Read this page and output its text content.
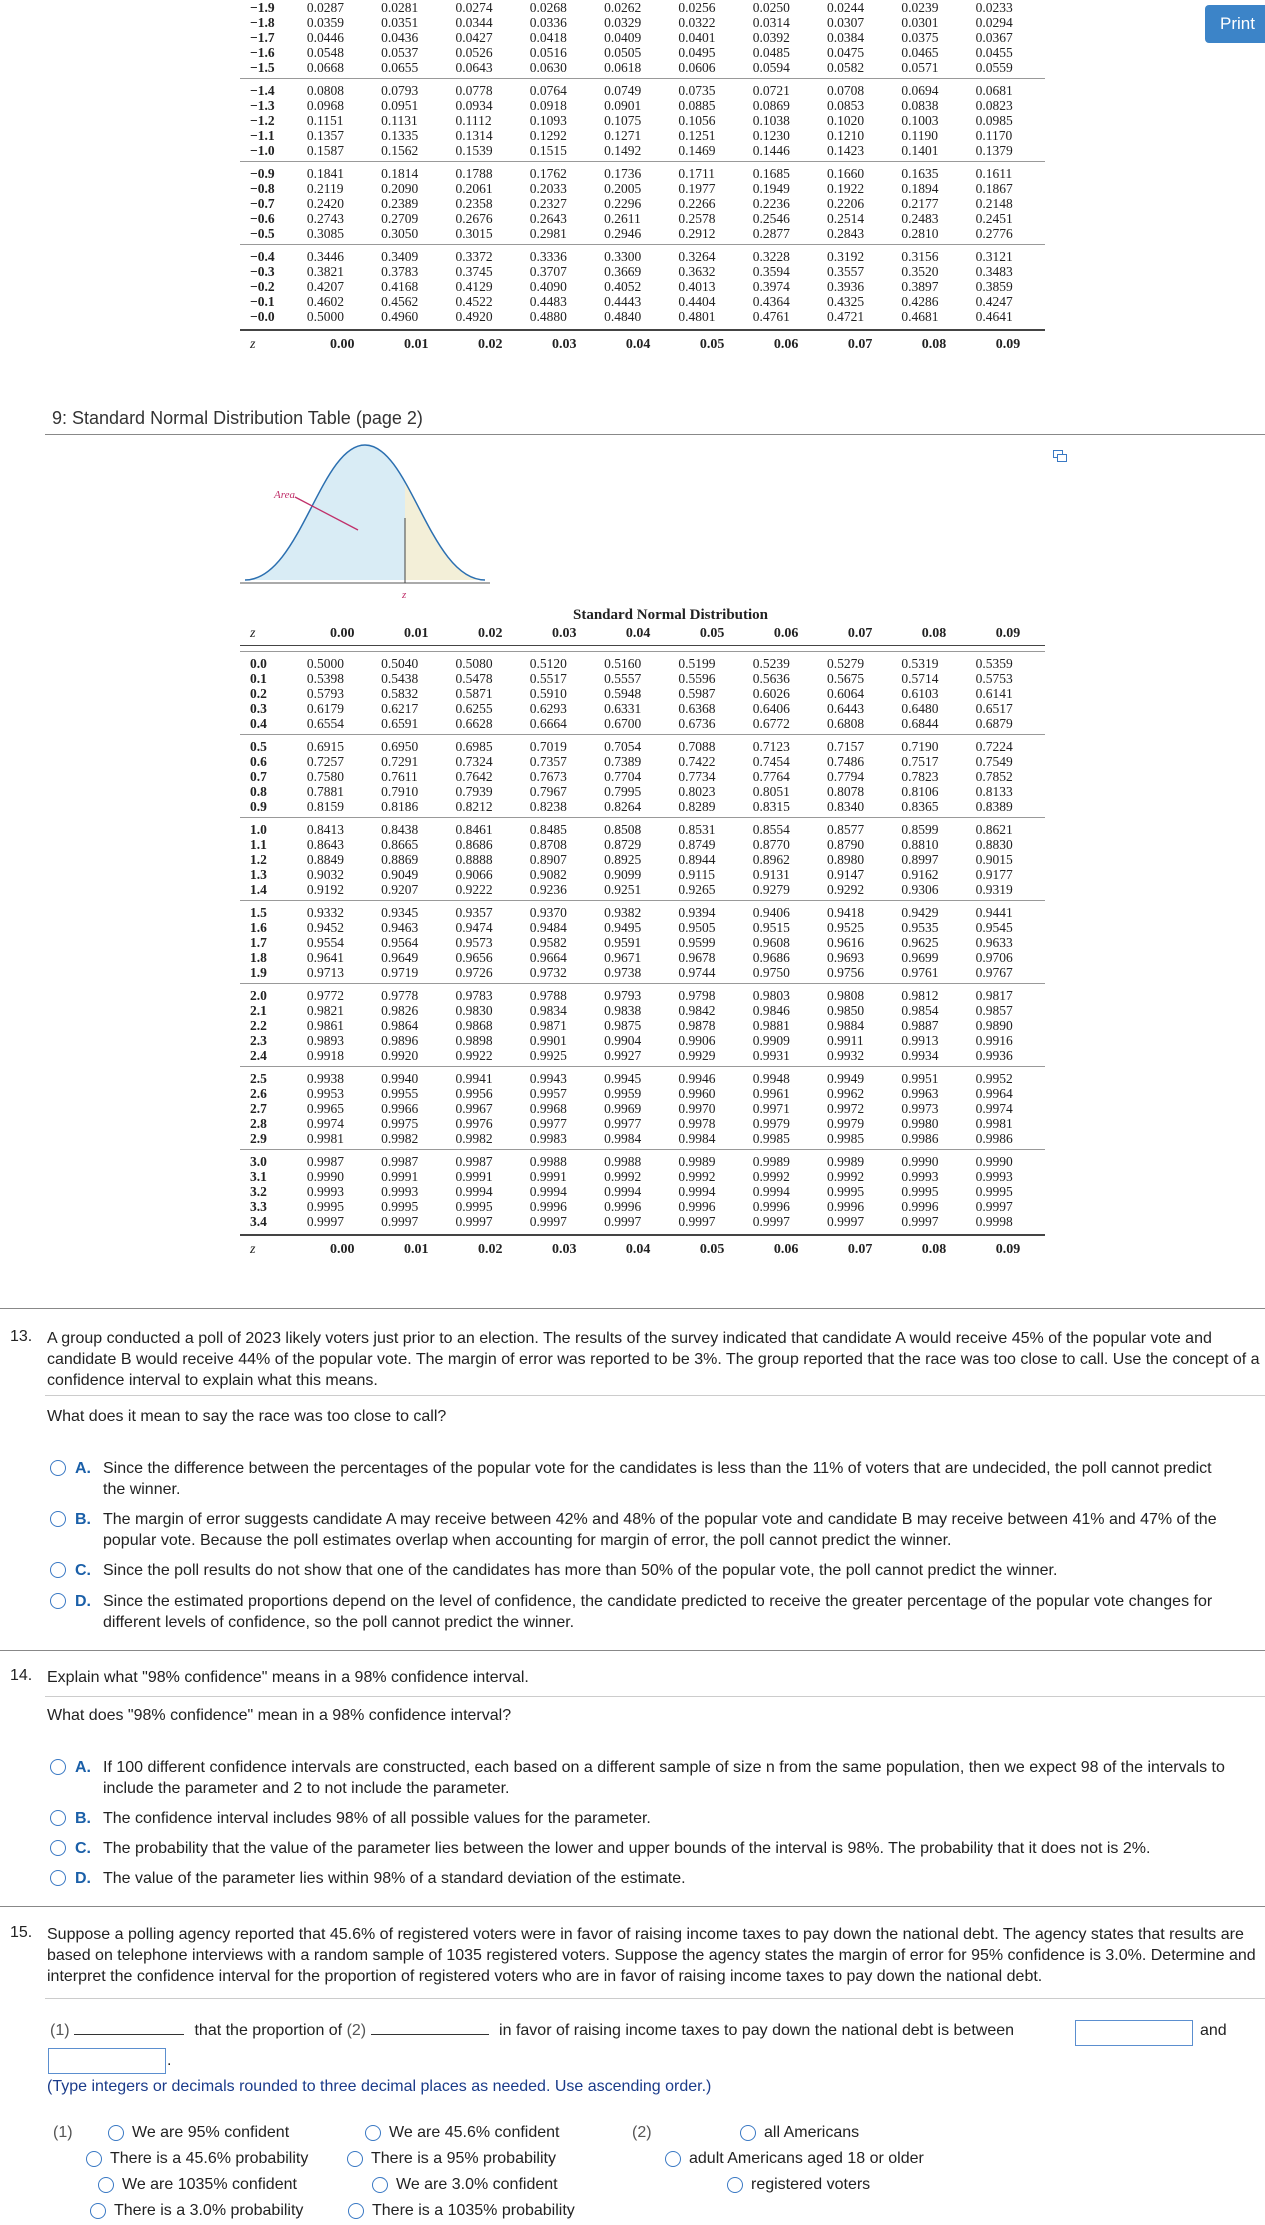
Print
−1.9	0.0287	0.0281	0.0274	0.0268	0.0262	0.0256	0.0250	0.0244	0.0239	0.0233
−1.8	0.0359	0.0351	0.0344	0.0336	0.0329	0.0322	0.0314	0.0307	0.0301	0.0294
−1.7	0.0446	0.0436	0.0427	0.0418	0.0409	0.0401	0.0392	0.0384	0.0375	0.0367
−1.6	0.0548	0.0537	0.0526	0.0516	0.0505	0.0495	0.0485	0.0475	0.0465	0.0455
−1.5	0.0668	0.0655	0.0643	0.0630	0.0618	0.0606	0.0594	0.0582	0.0571	0.0559
−1.4	0.0808	0.0793	0.0778	0.0764	0.0749	0.0735	0.0721	0.0708	0.0694	0.0681
−1.3	0.0968	0.0951	0.0934	0.0918	0.0901	0.0885	0.0869	0.0853	0.0838	0.0823
−1.2	0.1151	0.1131	0.1112	0.1093	0.1075	0.1056	0.1038	0.1020	0.1003	0.0985
−1.1	0.1357	0.1335	0.1314	0.1292	0.1271	0.1251	0.1230	0.1210	0.1190	0.1170
−1.0	0.1587	0.1562	0.1539	0.1515	0.1492	0.1469	0.1446	0.1423	0.1401	0.1379
−0.9	0.1841	0.1814	0.1788	0.1762	0.1736	0.1711	0.1685	0.1660	0.1635	0.1611
−0.8	0.2119	0.2090	0.2061	0.2033	0.2005	0.1977	0.1949	0.1922	0.1894	0.1867
−0.7	0.2420	0.2389	0.2358	0.2327	0.2296	0.2266	0.2236	0.2206	0.2177	0.2148
−0.6	0.2743	0.2709	0.2676	0.2643	0.2611	0.2578	0.2546	0.2514	0.2483	0.2451
−0.5	0.3085	0.3050	0.3015	0.2981	0.2946	0.2912	0.2877	0.2843	0.2810	0.2776
−0.4	0.3446	0.3409	0.3372	0.3336	0.3300	0.3264	0.3228	0.3192	0.3156	0.3121
−0.3	0.3821	0.3783	0.3745	0.3707	0.3669	0.3632	0.3594	0.3557	0.3520	0.3483
−0.2	0.4207	0.4168	0.4129	0.4090	0.4052	0.4013	0.3974	0.3936	0.3897	0.3859
−0.1	0.4602	0.4562	0.4522	0.4483	0.4443	0.4404	0.4364	0.4325	0.4286	0.4247
−0.0	0.5000	0.4960	0.4920	0.4880	0.4840	0.4801	0.4761	0.4721	0.4681	0.4641
z	0.00	0.01	0.02	0.03	0.04	0.05	0.06	0.07	0.08	0.09
9: Standard Normal Distribution Table (page 2)
Area
z
Standard Normal Distribution
z	0.00	0.01	0.02	0.03	0.04	0.05	0.06	0.07	0.08	0.09
0.0	0.5000	0.5040	0.5080	0.5120	0.5160	0.5199	0.5239	0.5279	0.5319	0.5359
0.1	0.5398	0.5438	0.5478	0.5517	0.5557	0.5596	0.5636	0.5675	0.5714	0.5753
0.2	0.5793	0.5832	0.5871	0.5910	0.5948	0.5987	0.6026	0.6064	0.6103	0.6141
0.3	0.6179	0.6217	0.6255	0.6293	0.6331	0.6368	0.6406	0.6443	0.6480	0.6517
0.4	0.6554	0.6591	0.6628	0.6664	0.6700	0.6736	0.6772	0.6808	0.6844	0.6879
0.5	0.6915	0.6950	0.6985	0.7019	0.7054	0.7088	0.7123	0.7157	0.7190	0.7224
0.6	0.7257	0.7291	0.7324	0.7357	0.7389	0.7422	0.7454	0.7486	0.7517	0.7549
0.7	0.7580	0.7611	0.7642	0.7673	0.7704	0.7734	0.7764	0.7794	0.7823	0.7852
0.8	0.7881	0.7910	0.7939	0.7967	0.7995	0.8023	0.8051	0.8078	0.8106	0.8133
0.9	0.8159	0.8186	0.8212	0.8238	0.8264	0.8289	0.8315	0.8340	0.8365	0.8389
1.0	0.8413	0.8438	0.8461	0.8485	0.8508	0.8531	0.8554	0.8577	0.8599	0.8621
1.1	0.8643	0.8665	0.8686	0.8708	0.8729	0.8749	0.8770	0.8790	0.8810	0.8830
1.2	0.8849	0.8869	0.8888	0.8907	0.8925	0.8944	0.8962	0.8980	0.8997	0.9015
1.3	0.9032	0.9049	0.9066	0.9082	0.9099	0.9115	0.9131	0.9147	0.9162	0.9177
1.4	0.9192	0.9207	0.9222	0.9236	0.9251	0.9265	0.9279	0.9292	0.9306	0.9319
1.5	0.9332	0.9345	0.9357	0.9370	0.9382	0.9394	0.9406	0.9418	0.9429	0.9441
1.6	0.9452	0.9463	0.9474	0.9484	0.9495	0.9505	0.9515	0.9525	0.9535	0.9545
1.7	0.9554	0.9564	0.9573	0.9582	0.9591	0.9599	0.9608	0.9616	0.9625	0.9633
1.8	0.9641	0.9649	0.9656	0.9664	0.9671	0.9678	0.9686	0.9693	0.9699	0.9706
1.9	0.9713	0.9719	0.9726	0.9732	0.9738	0.9744	0.9750	0.9756	0.9761	0.9767
2.0	0.9772	0.9778	0.9783	0.9788	0.9793	0.9798	0.9803	0.9808	0.9812	0.9817
2.1	0.9821	0.9826	0.9830	0.9834	0.9838	0.9842	0.9846	0.9850	0.9854	0.9857
2.2	0.9861	0.9864	0.9868	0.9871	0.9875	0.9878	0.9881	0.9884	0.9887	0.9890
2.3	0.9893	0.9896	0.9898	0.9901	0.9904	0.9906	0.9909	0.9911	0.9913	0.9916
2.4	0.9918	0.9920	0.9922	0.9925	0.9927	0.9929	0.9931	0.9932	0.9934	0.9936
2.5	0.9938	0.9940	0.9941	0.9943	0.9945	0.9946	0.9948	0.9949	0.9951	0.9952
2.6	0.9953	0.9955	0.9956	0.9957	0.9959	0.9960	0.9961	0.9962	0.9963	0.9964
2.7	0.9965	0.9966	0.9967	0.9968	0.9969	0.9970	0.9971	0.9972	0.9973	0.9974
2.8	0.9974	0.9975	0.9976	0.9977	0.9977	0.9978	0.9979	0.9979	0.9980	0.9981
2.9	0.9981	0.9982	0.9982	0.9983	0.9984	0.9984	0.9985	0.9985	0.9986	0.9986
3.0	0.9987	0.9987	0.9987	0.9988	0.9988	0.9989	0.9989	0.9989	0.9990	0.9990
3.1	0.9990	0.9991	0.9991	0.9991	0.9992	0.9992	0.9992	0.9992	0.9993	0.9993
3.2	0.9993	0.9993	0.9994	0.9994	0.9994	0.9994	0.9994	0.9995	0.9995	0.9995
3.3	0.9995	0.9995	0.9995	0.9996	0.9996	0.9996	0.9996	0.9996	0.9996	0.9997
3.4	0.9997	0.9997	0.9997	0.9997	0.9997	0.9997	0.9997	0.9997	0.9997	0.9998
z	0.00	0.01	0.02	0.03	0.04	0.05	0.06	0.07	0.08	0.09
13. A group conducted a poll of 2023 likely voters just prior to an election. The results of the survey indicated that candidate A would receive 45% of the popular vote and candidate B would receive 44% of the popular vote. The margin of error was reported to be 3%. The group reported that the race was too close to call. Use the concept of a confidence interval to explain what this means.
What does it mean to say the race was too close to call?
A. Since the difference between the percentages of the popular vote for the candidates is less than the 11% of voters that are undecided, the poll cannot predict the winner.
B. The margin of error suggests candidate A may receive between 42% and 48% of the popular vote and candidate B may receive between 41% and 47% of the popular vote. Because the poll estimates overlap when accounting for margin of error, the poll cannot predict the winner.
C. Since the poll results do not show that one of the candidates has more than 50% of the popular vote, the poll cannot predict the winner.
D. Since the estimated proportions depend on the level of confidence, the candidate predicted to receive the greater percentage of the popular vote changes for different levels of confidence, so the poll cannot predict the winner.
14. Explain what "98% confidence" means in a 98% confidence interval.
What does "98% confidence" mean in a 98% confidence interval?
A. If 100 different confidence intervals are constructed, each based on a different sample of size n from the same population, then we expect 98 of the intervals to include the parameter and 2 to not include the parameter.
B. The confidence interval includes 98% of all possible values for the parameter.
C. The probability that the value of the parameter lies between the lower and upper bounds of the interval is 98%. The probability that it does not is 2%.
D. The value of the parameter lies within 98% of a standard deviation of the estimate.
15. Suppose a polling agency reported that 45.6% of registered voters were in favor of raising income taxes to pay down the national debt. The agency states that results are based on telephone interviews with a random sample of 1035 registered voters. Suppose the agency states the margin of error for 95% confidence is 3.0%. Determine and interpret the confidence interval for the proportion of registered voters who are in favor of raising income taxes to pay down the national debt.
(1)	that the proportion of (2)	in favor of raising income taxes to pay down the national debt is between	and
.
(Type integers or decimals rounded to three decimal places as needed. Use ascending order.)
(1)	(2)
We are 95% confident	We are 45.6% confident
There is a 45.6% probability	There is a 95% probability
We are 1035% confident	We are 3.0% confident
There is a 3.0% probability	There is a 1035% probability
all Americans
adult Americans aged 18 or older
registered voters
